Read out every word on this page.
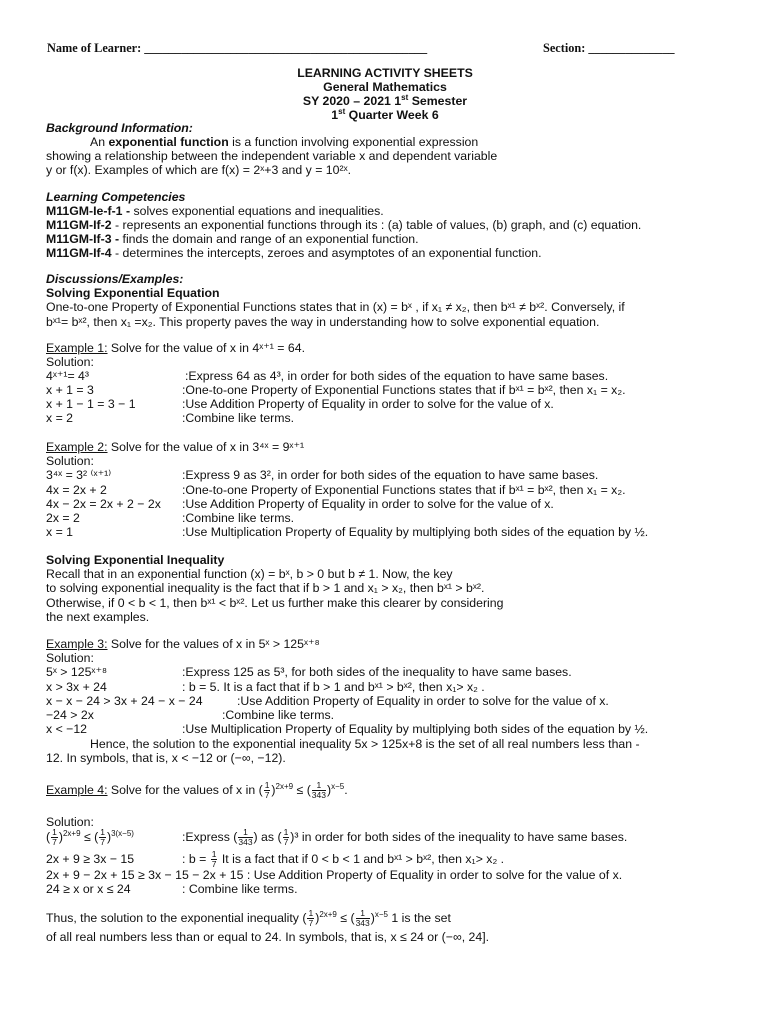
Name of Learner: ______________________________________________	Section: ______________
LEARNING ACTIVITY SHEETS
General Mathematics
SY 2020 – 2021 1st Semester
1st Quarter Week 6
Background Information:
An exponential function is a function involving exponential expression
showing a relationship between the independent variable x and dependent variable
y or f(x). Examples of which are f(x) = 2ˣ+3 and y = 10²ˣ.
Learning Competencies
M11GM-Ie-f-1 - solves exponential equations and inequalities.
M11GM-If-2 - represents an exponential functions through its : (a) table of values, (b) graph, and (c) equation.
M11GM-If-3 - finds the domain and range of an exponential function.
M11GM-If-4 - determines the intercepts, zeroes and asymptotes of an exponential function.
Discussions/Examples:
Solving Exponential Equation
One-to-one Property of Exponential Functions states that in (x) = bˣ , if x₁ ≠ x₂, then bˣ¹ ≠ bˣ². Conversely, if
bˣ¹= bˣ², then x₁ =x₂. This property paves the way in understanding how to solve exponential equation.
Example 1: Solve for the value of x in 4ˣ⁺¹ = 64.
Solution:
4ˣ⁺¹= 4³	:Express 64 as 4³, in order for both sides of the equation to have same bases.
x + 1 = 3	:One-to-one Property of Exponential Functions states that if bˣ¹ = bˣ², then x₁ = x₂.
x + 1 − 1 = 3 − 1	:Use Addition Property of Equality in order to solve for the value of x.
x = 2	:Combine like terms.
Example 2: Solve for the value of x in 3⁴ˣ = 9ˣ⁺¹
Solution:
3⁴ˣ = 3² ⁽ˣ⁺¹⁾	:Express 9 as 3², in order for both sides of the equation to have same bases.
4x = 2x + 2	:One-to-one Property of Exponential Functions states that if bˣ¹ = bˣ², then x₁ = x₂.
4x − 2x = 2x + 2 − 2x :Use Addition Property of Equality in order to solve for the value of x.
2x = 2	:Combine like terms.
x = 1	:Use Multiplication Property of Equality by multiplying both sides of the equation by ½.
Solving Exponential Inequality
Recall that in an exponential function (x) = bˣ, b > 0 but b ≠ 1. Now, the key
to solving exponential inequality is the fact that if b > 1 and x₁ > x₂, then bˣ¹ > bˣ².
Otherwise, if 0 < b < 1, then bˣ¹ < bˣ². Let us further make this clearer by considering
the next examples.
Example 3: Solve for the values of x in 5ˣ > 125ˣ⁺⁸
Solution:
5ˣ > 125ˣ⁺⁸	:Express 125 as 5³, for both sides of the inequality to have same bases.
x > 3x + 24	: b = 5. It is a fact that if b > 1 and bˣ¹ > bˣ², then x₁> x₂ .
x − x − 24 > 3x + 24 − x − 24	:Use Addition Property of Equality in order to solve for the value of x.
−24 > 2x	:Combine like terms.
x < −12	:Use Multiplication Property of Equality by multiplying both sides of the equation by ½.
Hence, the solution to the exponential inequality 5x > 125x+8 is the set of all real numbers less than -
12. In symbols, that is, x < −12 or (−∞, −12).
Example 4: Solve for the values of x in ( $\frac{1}{7} )^{2x+9}$ ≤ ( $\frac{1}{343} )^{x-5}$.
Solution:
( $\frac{1}{7} )^{2x+9}$ ≤ ( $\frac{1}{7} )^{3(x-5)}$	:Express ( $\frac{1}{343}$ ) as ( $\frac{1}{7} )^3$ in order for both sides of the inequality to have same bases.
2x + 9 ≥ 3x − 15	: $b = \frac{1}{7}$ It is a fact that if 0 < b < 1 and bˣ¹ > bˣ², then x₁> x₂ .
2x + 9 − 2x + 15 ≥ 3x − 15 − 2x + 15 : Use Addition Property of Equality in order to solve for the value of x.
24 ≥ x or x ≤ 24	: Combine like terms.
Thus, the solution to the exponential inequality ( $\frac{1}{7} )^{2x+9}$ ≤ ( $\frac{1}{343} )^{x-5}$ 1 is the set
of all real numbers less than or equal to 24. In symbols, that is, x ≤ 24 or (−∞, 24].
